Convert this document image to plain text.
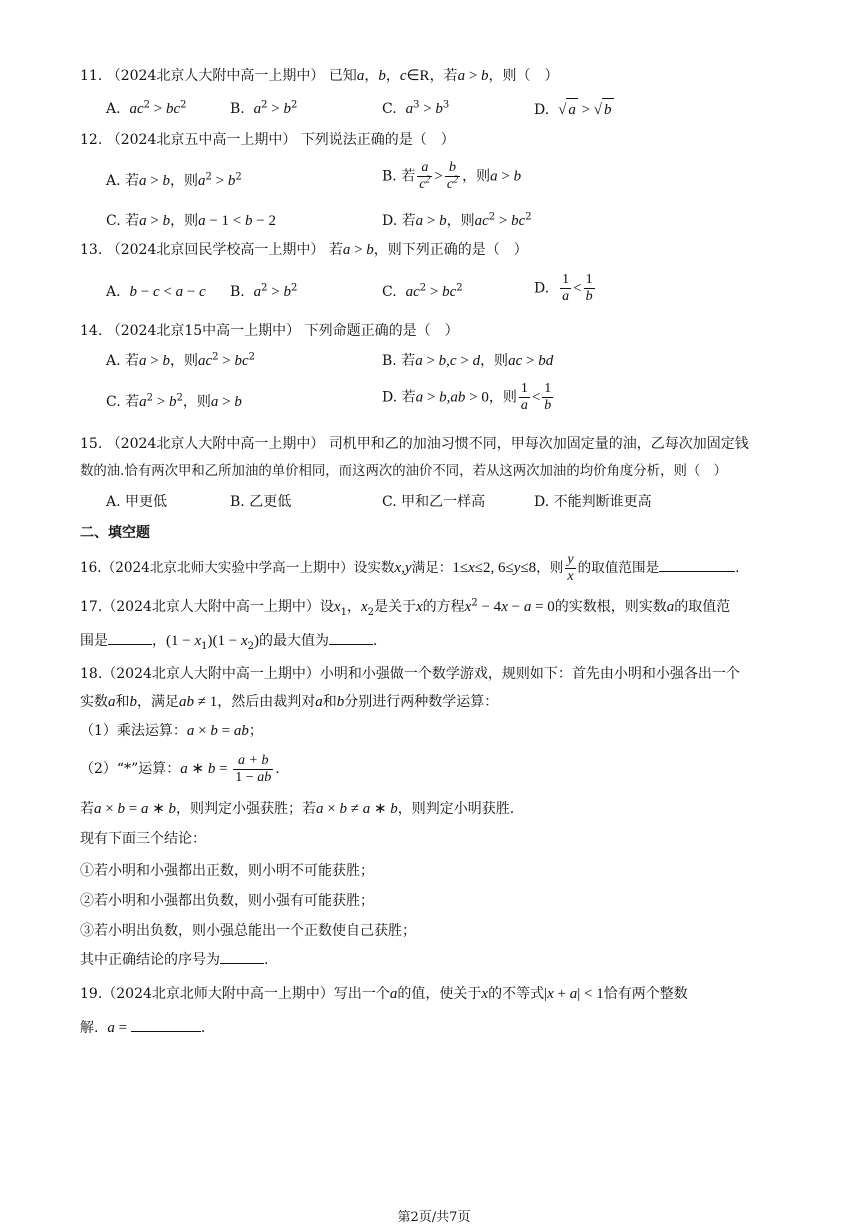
11. （2024北京人大附中高一上期中） 已知a，b，c∈R，若a > b，则（　）
A. $ac^2 > bc^2$	B. $a^2 > b^2$	C. $a^3 > b^3$	D. √ a > √ b
12. （2024北京五中高一上期中） 下列说法正确的是（　）
A. 若a > b，则$a^2 > b^2$	B. 若 $\frac{a}{c^2} > \frac{b}{c^2}$ ，则a > b
C. 若a > b，则a − 1 < b − 2	D. 若a > b，则$ac^2 > bc^2$
13. （2024北京回民学校高一上期中） 若a > b，则下列正确的是（　）
A. b − c < a − c B. $a^2 > b^2$	C. $ac^2 > bc^2$	D. $\frac{1}{a} < \frac{1}{b}$
14. （2024北京15中高一上期中） 下列命题正确的是（　）
A. 若a > b，则$ac^2 > bc^2$	B. 若a > b,c > d，则ac > bd
C. 若$a^2 > b^2$，则a > b	D. 若a > b,ab > 0，则 $\frac{1}{a} < \frac{1}{b}$
15. （2024北京人大附中高一上期中） 司机甲和乙的加油习惯不同，甲每次加固定量的油，乙每次加固定钱
数的油.恰有两次甲和乙所加油的单价相同，而这两次的油价不同，若从这两次加油的均价角度分析，则（　）
A. 甲更低	B. 乙更低	C. 甲和乙一样高	D. 不能判断谁更高
二、填空题
16.（2024北京北师大实验中学高一上期中）设实数x,y满足：1≤x≤2, 6≤y≤8，则 $\frac{y}{x}$ 的取值范围是	.
17.（2024北京人大附中高一上期中）设$x_1$，$x_2$是关于x的方程$x^2 - 4x - a = 0$的实数根，则实数a的取值范
围是	，$(1 - x_1)(1 - x_2)$的最大值为	.
18.（2024北京人大附中高一上期中）小明和小强做一个数学游戏，规则如下：首先由小明和小强各出一个
实数a和b，满足ab ≠ 1，然后由裁判对a和b分别进行两种数学运算：
（1）乘法运算：a × b = ab；
（2）“*”运算：a ∗ $b = \frac{a + b}{1 - ab}$ .
若a × b = a ∗ b，则判定小强获胜；若a × b ≠ a ∗ b，则判定小明获胜.
现有下面三个结论：
①若小明和小强都出正数，则小明不可能获胜；
②若小明和小强都出负数，则小强有可能获胜；
③若小明出负数，则小强总能出一个正数使自己获胜；
其中正确结论的序号为	.
19.（2024北京北师大附中高一上期中）写出一个a的值，使关于x的不等式|x + a| < 1恰有两个整数
解. a =	.
第2页/共7页
